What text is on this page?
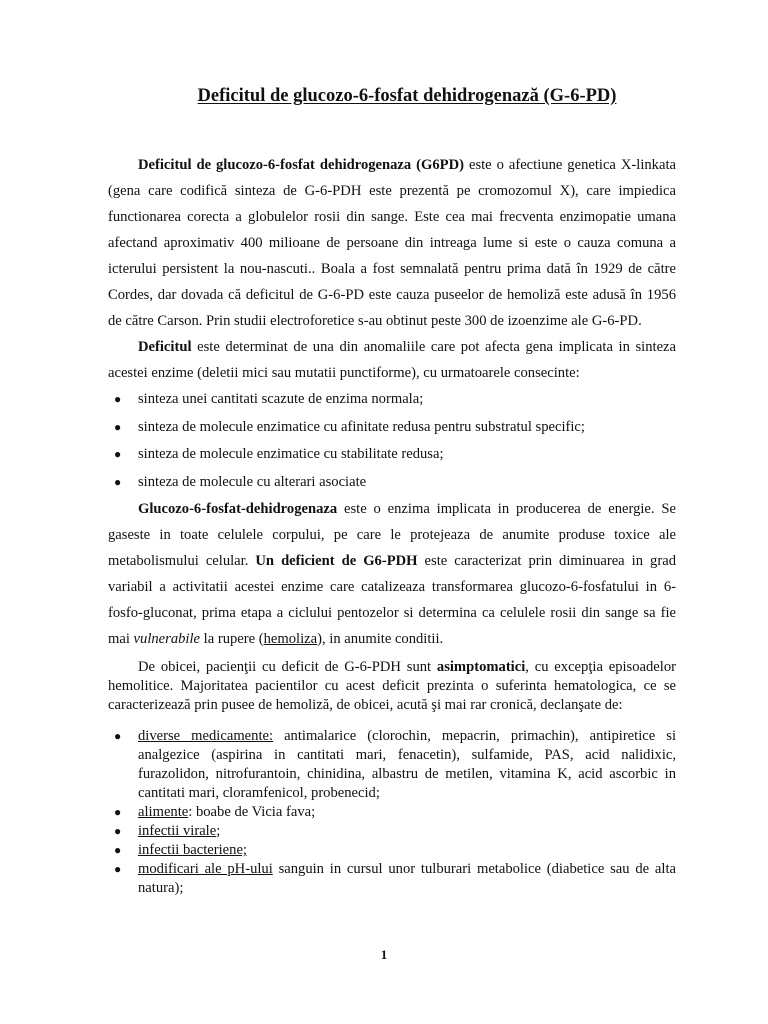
Deficitul de glucozo-6-fosfat dehidrogenază (G-6-PD)

Deficitul de glucozo-6-fosfat dehidrogenaza (G6PD) este o afectiune genetica X-linkata (gena care codifică sinteza de G-6-PDH este prezentă pe cromozomul X), care impiedica functionarea corecta a globulelor rosii din sange. Este cea mai frecventa enzimopatie umana afectand aproximativ 400 milioane de persoane din intreaga lume si este o cauza comuna a icterului persistent la nou-nascuti.. Boala a fost semnalată pentru prima dată în 1929 de către Cordes, dar dovada că deficitul de G-6-PD este cauza puseelor de hemoliză este adusă în 1956 de către Carson. Prin studii electroforetice s-au obtinut peste 300 de izoenzime ale G-6-PD.

Deficitul este determinat de una din anomaliile care pot afecta gena implicata in sinteza acestei enzime (deletii mici sau mutatii punctiforme), cu urmatoarele consecinte:

● sinteza unei cantitati scazute de enzima normala;
● sinteza de molecule enzimatice cu afinitate redusa pentru substratul specific;
● sinteza de molecule enzimatice cu stabilitate redusa;
● sinteza de molecule cu alterari asociate

Glucozo-6-fosfat-dehidrogenaza este o enzima implicata in producerea de energie. Se gaseste in toate celulele corpului, pe care le protejeaza de anumite produse toxice ale metabolismului celular. Un deficient de G6-PDH este caracterizat prin diminuarea in grad variabil a activitatii acestei enzime care catalizeaza transformarea glucozo-6-fosfatului in 6-fosfo-gluconat, prima etapa a ciclului pentozelor si determina ca celulele rosii din sange sa fie mai vulnerabile la rupere (hemoliza), in anumite conditii.

De obicei, pacienţii cu deficit de G-6-PDH sunt asimptomatici, cu excepţia episoadelor hemolitice. Majoritatea pacientilor cu acest deficit prezinta o suferinta hematologica, ce se caracterizează prin pusee de hemoliză, de obicei, acută şi mai rar cronică, declanşate de:

● diverse medicamente: antimalarice (clorochin, mepacrin, primachin), antipiretice si analgezice (aspirina in cantitati mari, fenacetin), sulfamide, PAS, acid nalidixic, furazolidon, nitrofurantoin, chinidina, albastru de metilen, vitamina K, acid ascorbic in cantitati mari, cloramfenicol, probenecid;
● alimente: boabe de Vicia fava;
● infectii virale;
● infectii bacteriene;
● modificari ale pH-ului sanguin in cursul unor tulburari metabolice (diabetice sau de alta natura);
1
